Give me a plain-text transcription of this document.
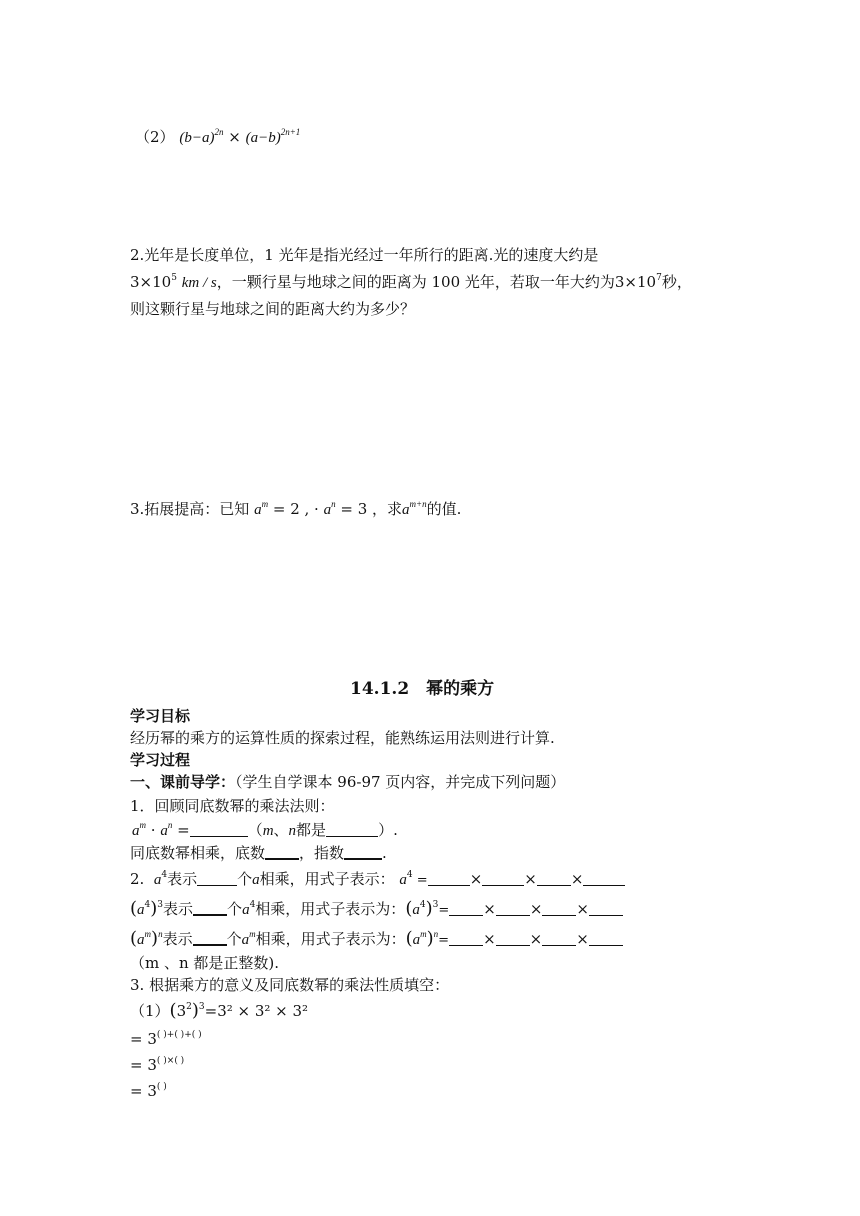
（2） $(b-a)^{2n} \times (a-b)^{2n+1}$
2.光年是长度单位，1 光年是指光经过一年所行的距离.光的速度大约是
$3\times 10^5$ km / s，一颗行星与地球之间的距离为 100 光年，若取一年大约为$3\times 10^7$秒，
则这颗行星与地球之间的距离大约为多少？
3.拓展提高：已知 $a^m = 2$ , · $a^n = 3$ ，求$a^{m+n}$的值.
14.1.2　幂的乘方
学习目标
经历幂的乘方的运算性质的探索过程，能熟练运用法则进行计算.
学习过程
一、课前导学：（学生自学课本 96-97 页内容，并完成下列问题）
1．回顾同底数幂的乘法法则：
$a^m \cdot a^n$ =	（m、n都是	）.
同底数幂相乘，底数 ，指数	.
2. $a^4$表示	个a相乘，用式子表示： $a^4$ =	×	× ×
$(a^4)^3$表示 个$a^4$相乘，用式子表示为：$(a^4)^3=$ × × ×
$(a^m)^n$表示 个$a^m$相乘，用式子表示为：$(a^m)^n=$ × × ×
（m 、n 都是正整数).
3. 根据乘方的意义及同底数幂的乘法性质填空：
$(1)(3^2)^3=3^2 \times 3^2 \times 3^2$
= 3( )+( )+( )
= 3( )×( )
= 3( )
